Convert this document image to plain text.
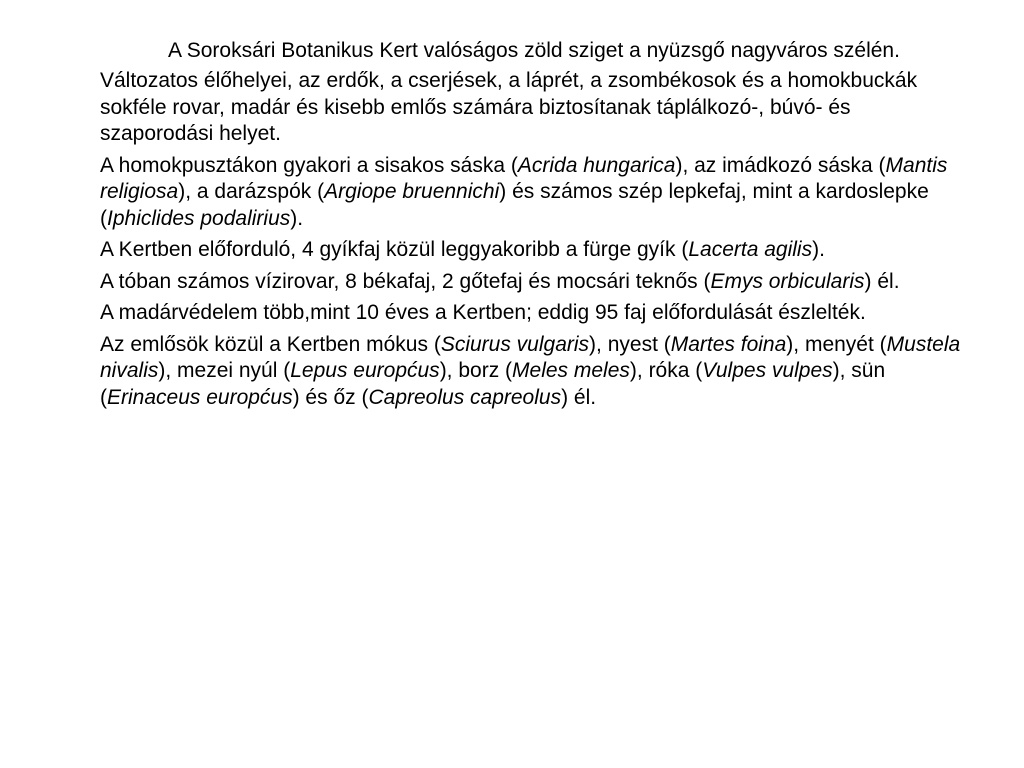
A Soroksári Botanikus Kert valóságos zöld sziget a nyüzsgő nagyváros szélén.

Változatos élőhelyei, az erdők, a cserjések, a láprét, a zsombékosok és a homokbuckák sokféle rovar, madár és kisebb emlős számára biztosítanak táplálkozó-, búvó- és szaporodási helyet.

A homokpusztákon gyakori a sisakos sáska (Acrida hungarica), az imádkozó sáska (Mantis religiosa), a darázspók (Argiope bruennichi) és számos szép lepkefaj, mint a kardoslepke (Iphiclides podalirius).

A Kertben előforduló, 4 gyíkfaj közül leggyakoribb a fürge gyík (Lacerta agilis).

A tóban számos vízirovar, 8 békafaj, 2 gőtefaj és mocsári teknős (Emys orbicularis) él.

A madárvédelem több,mint 10 éves a Kertben; eddig 95 faj előfordulását észlelték.

Az emlősök közül a Kertben mókus (Sciurus vulgaris), nyest (Martes foina), menyét (Mustela nivalis), mezei nyúl (Lepus europćus), borz (Meles meles), róka (Vulpes vulpes), sün (Erinaceus europćus) és őz (Capreolus capreolus) él.
